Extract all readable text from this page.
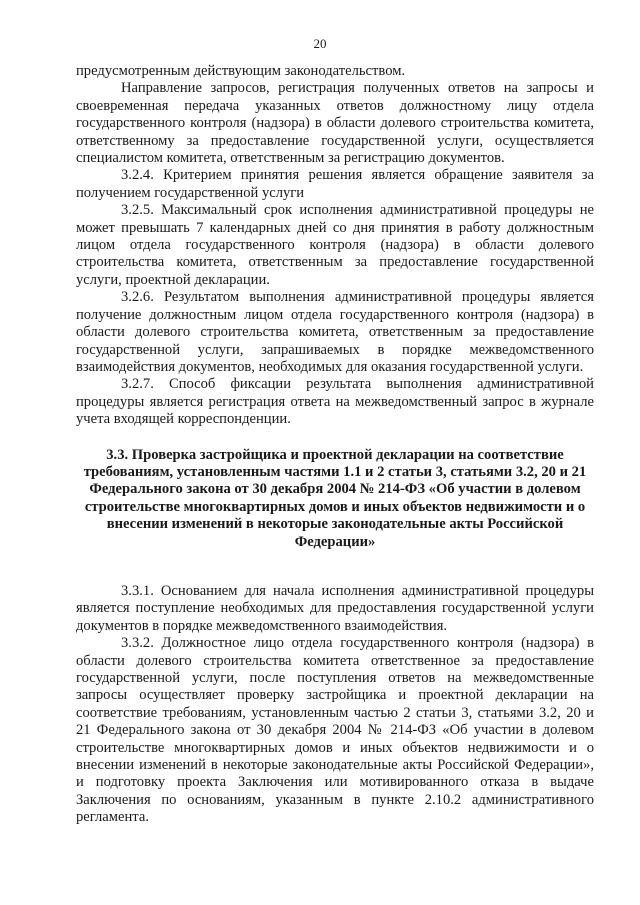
20

предусмотренным действующим законодательством.

Направление запросов, регистрация полученных ответов на запросы и своевременная передача указанных ответов должностному лицу отдела государственного контроля (надзора) в области долевого строительства комитета, ответственному за предоставление государственной услуги, осуществляется специалистом комитета, ответственным за регистрацию документов.

3.2.4. Критерием принятия решения является обращение заявителя за получением государственной услуги

3.2.5. Максимальный срок исполнения административной процедуры не может превышать 7 календарных дней со дня принятия в работу должностным лицом отдела государственного контроля (надзора) в области долевого строительства комитета, ответственным за предоставление государственной услуги, проектной декларации.

3.2.6. Результатом выполнения административной процедуры является получение должностным лицом отдела государственного контроля (надзора) в области долевого строительства комитета, ответственным за предоставление государственной услуги, запрашиваемых в порядке межведомственного взаимодействия документов, необходимых для оказания государственной услуги.

3.2.7. Способ фиксации результата выполнения административной процедуры является регистрация ответа на межведомственный запрос в журнале учета входящей корреспонденции.

3.3. Проверка застройщика и проектной декларации на соответствие требованиям, установленным частями 1.1 и 2 статьи 3, статьями 3.2, 20 и 21 Федерального закона от 30 декабря 2004 № 214-ФЗ «Об участии в долевом строительстве многоквартирных домов и иных объектов недвижимости и о внесении изменений в некоторые законодательные акты Российской Федерации»

3.3.1. Основанием для начала исполнения административной процедуры является поступление необходимых для предоставления государственной услуги документов в порядке межведомственного взаимодействия.

3.3.2. Должностное лицо отдела государственного контроля (надзора) в области долевого строительства комитета ответственное за предоставление государственной услуги, после поступления ответов на межведомственные запросы осуществляет проверку застройщика и проектной декларации на соответствие требованиям, установленным частью 2 статьи 3, статьями 3.2, 20 и 21 Федерального закона от 30 декабря 2004 № 214-ФЗ «Об участии в долевом строительстве многоквартирных домов и иных объектов недвижимости и о внесении изменений в некоторые законодательные акты Российской Федерации», и подготовку проекта Заключения или мотивированного отказа в выдаче Заключения по основаниям, указанным в пункте 2.10.2 административного регламента.
